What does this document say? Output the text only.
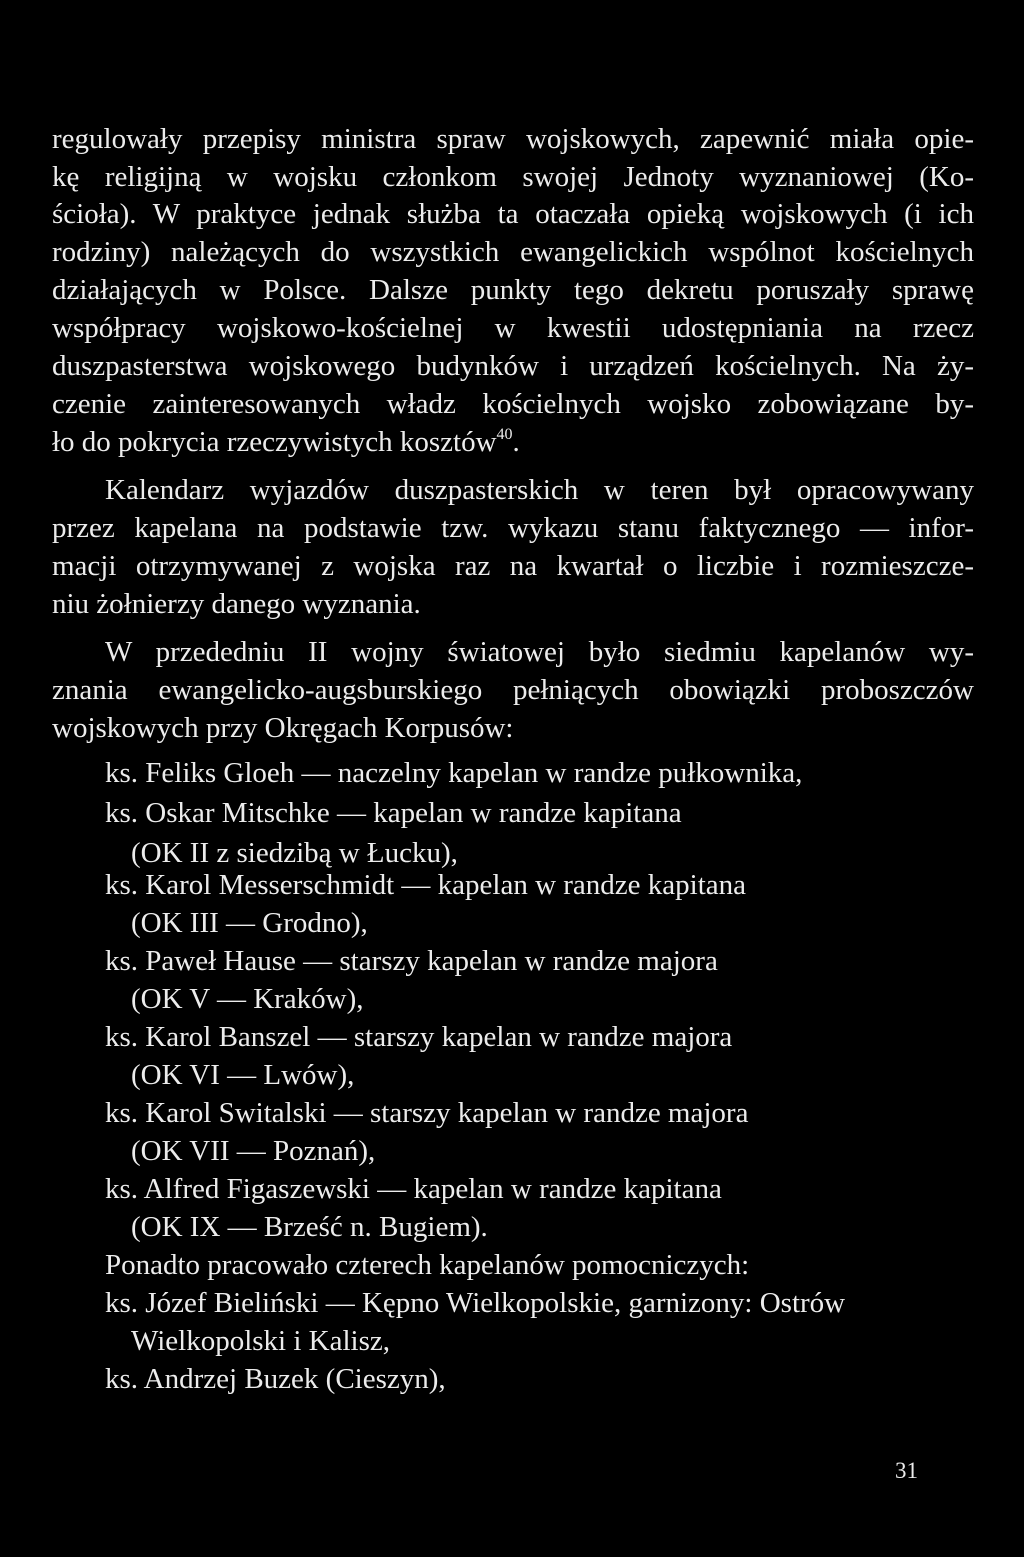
regulowały przepisy ministra spraw wojskowych, zapewnić miała opie-
kę religijną w wojsku członkom swojej Jednoty wyznaniowej (Ko-
ścioła). W praktyce jednak służba ta otaczała opieką wojskowych (i ich
rodziny) należących do wszystkich ewangelickich wspólnot kościelnych
działających w Polsce. Dalsze punkty tego dekretu poruszały sprawę
współpracy wojskowo-kościelnej w kwestii udostępniania na rzecz
duszpasterstwa wojskowego budynków i urządzeń kościelnych. Na ży-
czenie zainteresowanych władz kościelnych wojsko zobowiązane by-
ło do pokrycia rzeczywistych kosztów$^{40}$.
Kalendarz wyjazdów duszpasterskich w teren był opracowywany
przez kapelana na podstawie tzw. wykazu stanu faktycznego — infor-
macji otrzymywanej z wojska raz na kwartał o liczbie i rozmieszcze-
niu żołnierzy danego wyznania.
W przededniu II wojny światowej było siedmiu kapelanów wy-
znania ewangelicko-augsburskiego pełniących obowiązki proboszczów
wojskowych przy Okręgach Korpusów:
ks. Feliks Gloeh — naczelny kapelan w randze pułkownika,
ks. Oskar Mitschke — kapelan w randze kapitana
(OK II z siedzibą w Łucku),
ks. Karol Messerschmidt — kapelan w randze kapitana
(OK III — Grodno),
ks. Paweł Hause — starszy kapelan w randze majora
(OK V — Kraków),
ks. Karol Banszel — starszy kapelan w randze majora
(OK VI — Lwów),
ks. Karol Switalski — starszy kapelan w randze majora
(OK VII — Poznań),
ks. Alfred Figaszewski — kapelan w randze kapitana
(OK IX — Brześć n. Bugiem).
Ponadto pracowało czterech kapelanów pomocniczych:
ks. Józef Bieliński — Kępno Wielkopolskie, garnizony: Ostrów
Wielkopolski i Kalisz,
ks. Andrzej Buzek (Cieszyn),
31
